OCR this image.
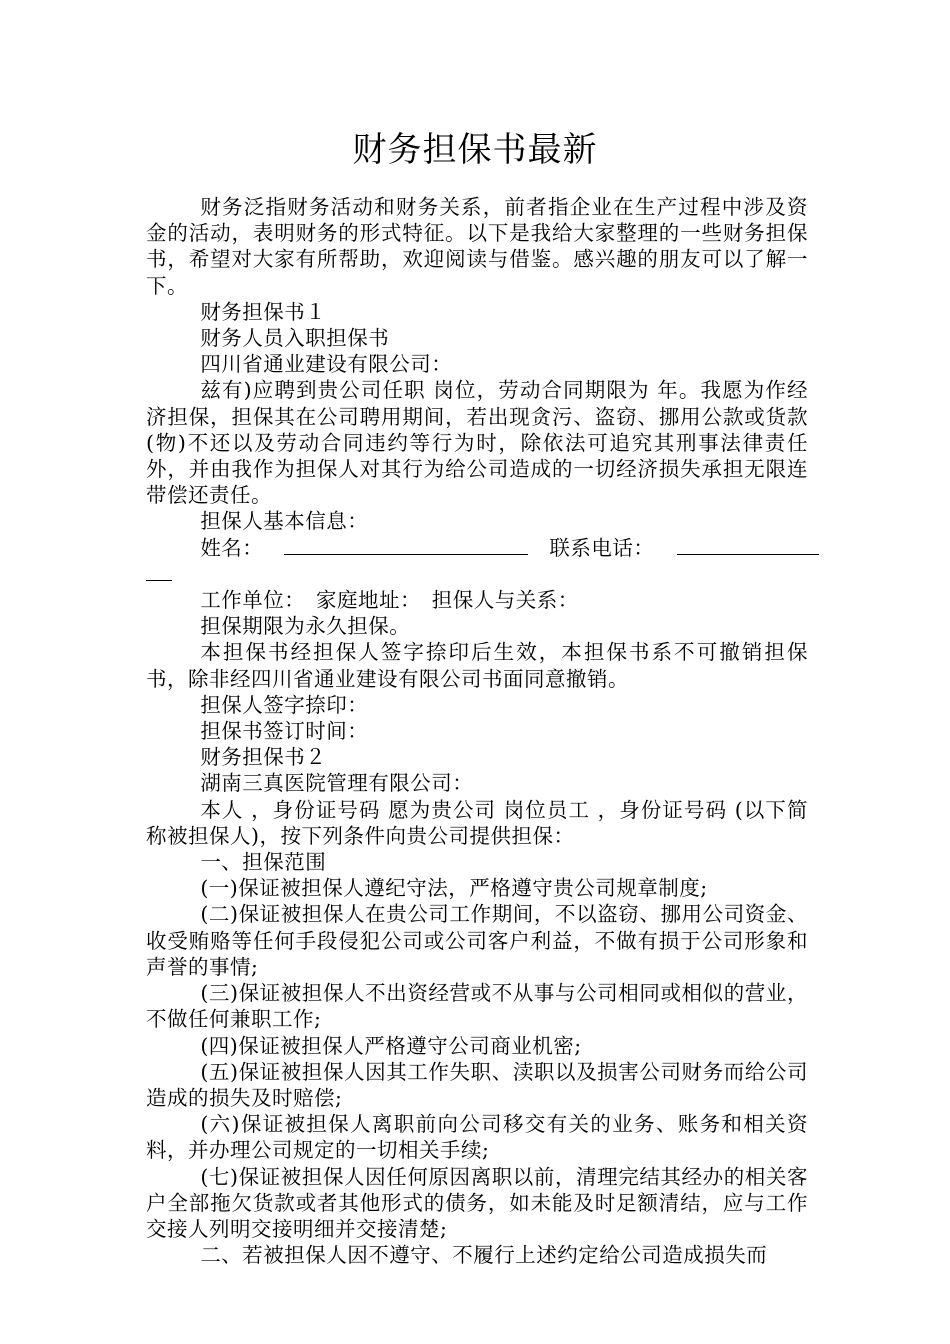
财务担保书最新

财务泛指财务活动和财务关系，前者指企业在生产过程中涉及资金的活动，表明财务的形式特征。以下是我给大家整理的一些财务担保书，希望对大家有所帮助，欢迎阅读与借鉴。感兴趣的朋友可以了解一下。

财务担保书１

财务人员入职担保书

四川省通业建设有限公司：

兹有)应聘到贵公司任职 岗位，劳动合同期限为 年。我愿为作经济担保，担保其在公司聘用期间，若出现贪污、盗窃、挪用公款或货款(物)不还以及劳动合同违约等行为时，除依法可追究其刑事法律责任外，并由我作为担保人对其行为给公司造成的一切经济损失承担无限连带偿还责任。

担保人基本信息：

姓名：	联系电话：

工作单位：　家庭地址：　担保人与关系：

担保期限为永久担保。

本担保书经担保人签字捺印后生效，本担保书系不可撤销担保书，除非经四川省通业建设有限公司书面同意撤销。

担保人签字捺印：

担保书签订时间：

财务担保书２

湖南三真医院管理有限公司：

本人 ，身份证号码 愿为贵公司 岗位员工 ，身份证号码 (以下简称被担保人)，按下列条件向贵公司提供担保：

一、担保范围

(一)保证被担保人遵纪守法，严格遵守贵公司规章制度;

(二)保证被担保人在贵公司工作期间，不以盗窃、挪用公司资金、收受贿赂等任何手段侵犯公司或公司客户利益，不做有损于公司形象和声誉的事情;

(三)保证被担保人不出资经营或不从事与公司相同或相似的营业，不做任何兼职工作;

(四)保证被担保人严格遵守公司商业机密;

(五)保证被担保人因其工作失职、渎职以及损害公司财务而给公司造成的损失及时赔偿;

(六)保证被担保人离职前向公司移交有关的业务、账务和相关资料，并办理公司规定的一切相关手续;

(七)保证被担保人因任何原因离职以前，清理完结其经办的相关客户全部拖欠货款或者其他形式的债务，如未能及时足额清结，应与工作交接人列明交接明细并交接清楚;

二、若被担保人因不遵守、不履行上述约定给公司造成损失而
